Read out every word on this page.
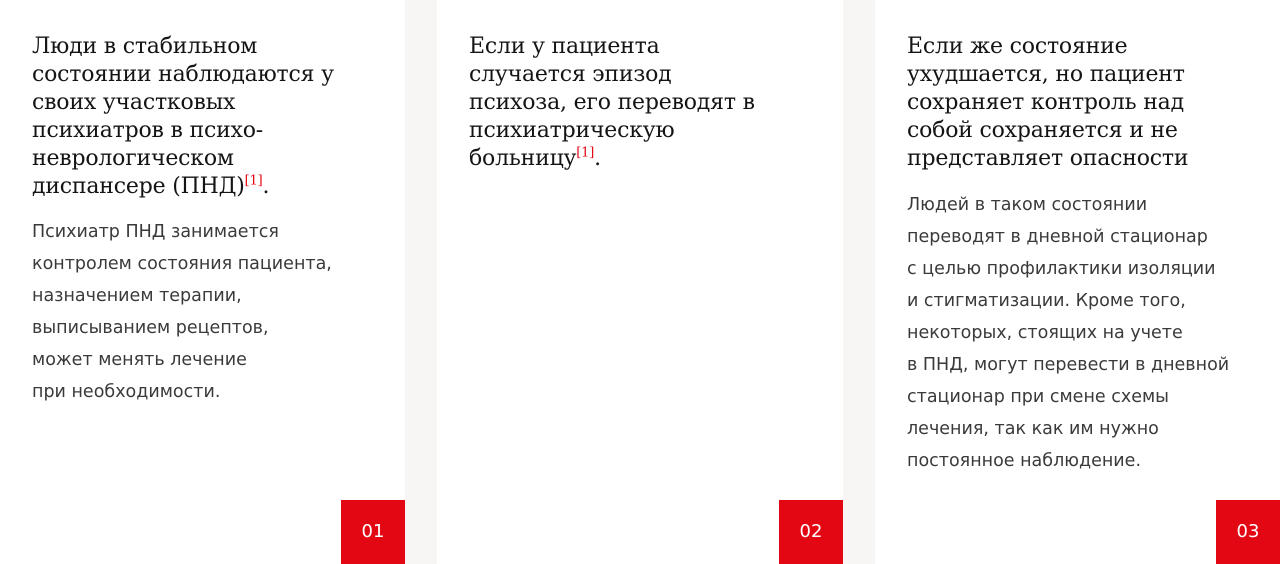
Люди в стабильном состоянии наблюдаются у своих участковых психиатров в психо-неврологическом диспансере (ПНД)[1].

Психиатр ПНД занимается
контролем состояния пациента,
назначением терапии,
выписыванием рецептов,
может менять лечение
при необходимости.

01
Если у пациента случается эпизод психоза, его переводят в психиатрическую больницу[1].
02
Если же состояние ухудшается, но пациент сохраняет контроль над собой сохраняется и не представляет опасности

Людей в таком состоянии
переводят в дневной стационар
с целью профилактики изоляции
и стигматизации. Кроме того,
некоторых, стоящих на учете
в ПНД, могут перевести в дневной
стационар при смене схемы
лечения, так как им нужно
постоянное наблюдение.

03
